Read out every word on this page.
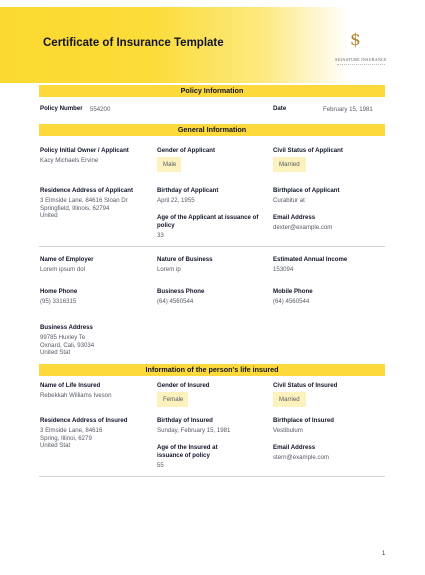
Certificate of Insurance Template	$
SIGNATURE INSURANCE
Policy Information
Policy Number 554200	Date	February 15, 1981
General Information
Policy Initial Owner / Applicant
Kacy Michaels Ervine
Gender of Applicant
Male
Civil Status of Applicant
Married
Residence Address of Applicant
3 Elmside Lane, 84616 Sloan Dr
Springfield, Illinois, 62794
United
Birthday of Applicant
April 22, 1955
Birthplace of Applicant
Curabitur at
Age of the Applicant at issuance of
policy
33
Email Address
dexter@example.com
Name of Employer
Lorem ipsum dol
Nature of Business
Lorem ip
Estimated Annual Income
153094
Home Phone
(95) 3316315
Business Phone
(64) 4560544
Mobile Phone
(64) 4560544
Business Address
99785 Huxley Te
Oxnard, Cali, 93034
United Stat
Information of the person's life insured
Name of Life Insured
Rebekkah Williams Iveson
Gender of Insured
Female
Civil Status of Insured
Married
Residence Address of Insured
3 Elmside Lane, 84616
Spring, Illinoi, 6279
United Stat
Birthday of Insured
Sunday, February 15, 1981
Birthplace of Insured
Vestibulum
Age of the Insured at
issuance of policy
55
Email Address
stern@example.com
1
